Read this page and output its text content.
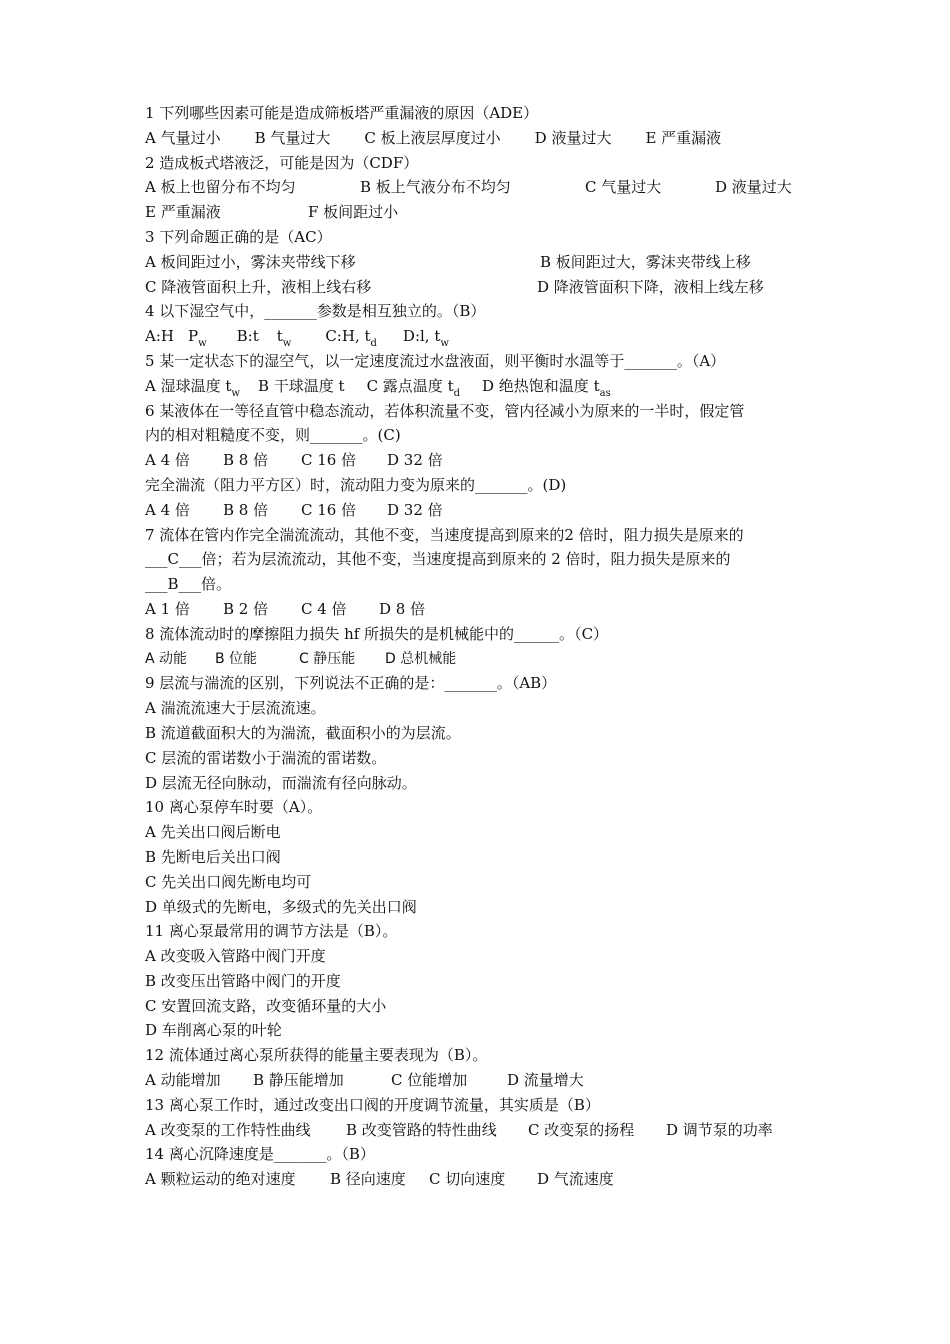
1 下列哪些因素可能是造成筛板塔严重漏液的原因（ADE）
A 气量过小 B 气量过大 C 板上液层厚度过小 D 液量过大 E 严重漏液
2 造成板式塔液泛，可能是因为（CDF）
A 板上也留分布不均匀	B 板上气液分布不均匀	C 气量过大	D 液量过大
E 严重漏液	F 板间距过小
3 下列命题正确的是（AC）
A 板间距过小，雾沫夹带线下移	B 板间距过大，雾沫夹带线上移
C 降液管面积上升，液相上线右移	D 降液管面积下降，液相上线左移
4 以下湿空气中，_______参数是相互独立的。（B）
A:H $P_w$ B:t $t_w$ C:H, $t_d$ D:l, $t_w$
5 某一定状态下的湿空气，以一定速度流过水盘液面，则平衡时水温等于_______。（A）
A 湿球温度 $t_w$ B 干球温度 t C 露点温度 $t_d$ D 绝热饱和温度 $t_{as}$
6 某液体在一等径直管中稳态流动，若体积流量不变，管内径减小为原来的一半时，假定管
内的相对粗糙度不变，则_______。(C)
A 4 倍 B 8 倍 C 16 倍 D 32 倍
完全湍流（阻力平方区）时，流动阻力变为原来的_______。(D)
A 4 倍 B 8 倍 C 16 倍 D 32 倍
7 流体在管内作完全湍流流动，其他不变，当速度提高到原来的2 倍时，阻力损失是原来的
___C___倍；若为层流流动，其他不变，当速度提高到原来的 2 倍时，阻力损失是原来的
___B___倍。
A 1 倍 B 2 倍 C 4 倍 D 8 倍
8 流体流动时的摩擦阻力损失 hf 所损失的是机械能中的______。（C）
A 动能 B 位能	C 静压能 D 总机械能
9 层流与湍流的区别，下列说法不正确的是：_______。（AB）
A 湍流流速大于层流流速。
B 流道截面积大的为湍流，截面积小的为层流。
C 层流的雷诺数小于湍流的雷诺数。
D 层流无径向脉动，而湍流有径向脉动。
10 离心泵停车时要（A）。
A 先关出口阀后断电
B 先断电后关出口阀
C 先关出口阀先断电均可
D 单级式的先断电，多级式的先关出口阀
11 离心泵最常用的调节方法是（B）。
A 改变吸入管路中阀门开度
B 改变压出管路中阀门的开度
C 安置回流支路，改变循环量的大小
D 车削离心泵的叶轮
12 流体通过离心泵所获得的能量主要表现为（B）。
A 动能增加 B 静压能增加	C 位能增加	D 流量增大
13 离心泵工作时，通过改变出口阀的开度调节流量，其实质是（B）
A 改变泵的工作特性曲线 B 改变管路的特性曲线 C 改变泵的扬程 D 调节泵的功率
14 离心沉降速度是_______。（B）
A 颗粒运动的绝对速度 B 径向速度 C 切向速度 D 气流速度
